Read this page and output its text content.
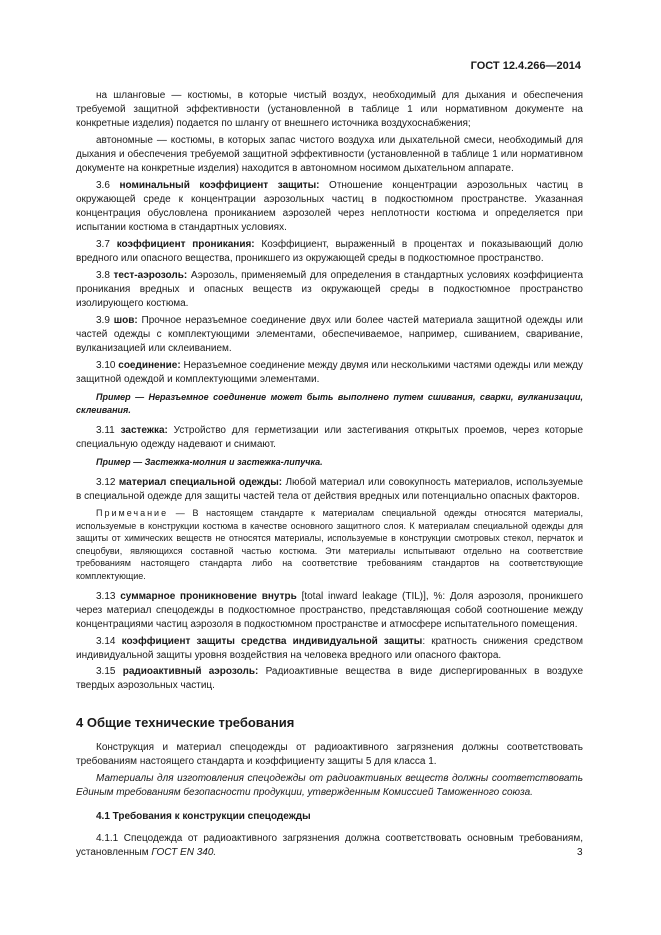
ГОСТ 12.4.266—2014

на шланговые — костюмы, в которые чистый воздух, необходимый для дыхания и обеспечения требуемой защитной эффективности (установленной в таблице 1 или нормативном документе на конкретные изделия) подается по шлангу от внешнего источника воздухоснабжения;

автономные — костюмы, в которых запас чистого воздуха или дыхательной смеси, необходимый для дыхания и обеспечения требуемой защитной эффективности (установленной в таблице 1 или нормативном документе на конкретные изделия) находится в автономном носимом дыхательном аппарате.

3.6 номинальный коэффициент защиты: Отношение концентрации аэрозольных частиц в окружающей среде к концентрации аэрозольных частиц в подкостюмном пространстве. Указанная концентрация обусловлена прониканием аэрозолей через неплотности костюма и определяется при испытании костюма в стандартных условиях.

3.7 коэффициент проникания: Коэффициент, выраженный в процентах и показывающий долю вредного или опасного вещества, проникшего из окружающей среды в подкостюмное пространство.

3.8 тест-аэрозоль: Аэрозоль, применяемый для определения в стандартных условиях коэффициента проникания вредных и опасных веществ из окружающей среды в подкостюмное пространство изолирующего костюма.

3.9 шов: Прочное неразъемное соединение двух или более частей материала защитной одежды или частей одежды с комплектующими элементами, обеспечиваемое, например, сшиванием, сваривание, вулканизацией или склеиванием.

3.10 соединение: Неразъемное соединение между двумя или несколькими частями одежды или между защитной одеждой и комплектующими элементами.

Пример — Неразъемное соединение может быть выполнено путем сшивания, сварки, вулканизации, склеивания.

3.11 застежка: Устройство для герметизации или застегивания открытых проемов, через которые специальную одежду надевают и снимают.

Пример — Застежка-молния и застежка-липучка.

3.12 материал специальной одежды: Любой материал или совокупность материалов, используемые в специальной одежде для защиты частей тела от действия вредных или потенциально опасных факторов.

Примечание — В настоящем стандарте к материалам специальной одежды относятся материалы, используемые в конструкции костюма в качестве основного защитного слоя. К материалам специальной одежды для защиты от химических веществ не относятся материалы, используемые в конструкции смотровых стекол, перчаток и спецобуви, являющихся составной частью костюма. Эти материалы испытывают отдельно на соответствие требованиям настоящего стандарта либо на соответствие требованиям стандартов на соответствующие комплектующие.

3.13 суммарное проникновение внутрь [total inward leakage (TIL)], %: Доля аэрозоля, проникшего через материал спецодежды в подкостюмное пространство, представляющая собой соотношение между концентрациями частиц аэрозоля в подкостюмном пространстве и атмосфере испытательного помещения.

3.14 коэффициент защиты средства индивидуальной защиты: кратность снижения средством индивидуальной защиты уровня воздействия на человека вредного или опасного фактора.

3.15 радиоактивный аэрозоль: Радиоактивные вещества в виде диспергированных в воздухе твердых аэрозольных частиц.

4 Общие технические требования

Конструкция и материал спецодежды от радиоактивного загрязнения должны соответствовать требованиям настоящего стандарта и коэффициенту защиты 5 для класса 1.

Материалы для изготовления спецодежды от радиоактивных веществ должны соответствовать Единым требованиям безопасности продукции, утвержденным Комиссией Таможенного союза.

4.1 Требования к конструкции спецодежды

4.1.1 Спецодежда от радиоактивного загрязнения должна соответствовать основным требованиям, установленным ГОСТ EN 340.	3
